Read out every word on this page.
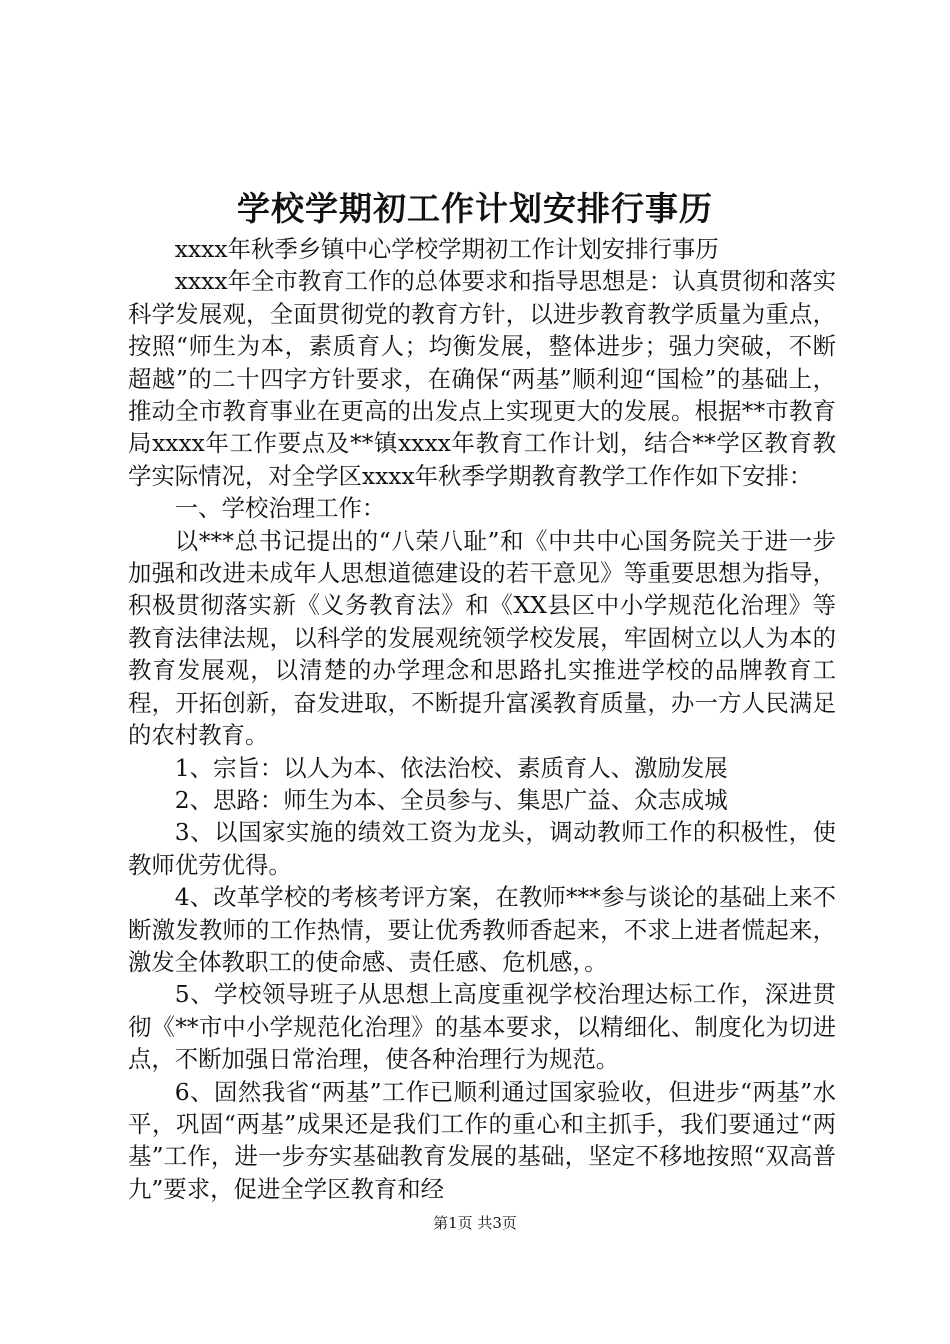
学校学期初工作计划安排行事历

xxxx年秋季乡镇中心学校学期初工作计划安排行事历

xxxx年全市教育工作的总体要求和指导思想是：认真贯彻和落实科学发展观，全面贯彻党的教育方针，以进步教育教学质量为重点，按照“师生为本，素质育人；均衡发展，整体进步；强力突破，不断超越”的二十四字方针要求，在确保“两基”顺利迎“国检”的基础上，推动全市教育事业在更高的出发点上实现更大的发展。根据**市教育局xxxx年工作要点及**镇xxxx年教育工作计划，结合**学区教育教学实际情况，对全学区xxxx年秋季学期教育教学工作作如下安排：

一、学校治理工作：

以***总书记提出的“八荣八耻”和《中共中心国务院关于进一步加强和改进未成年人思想道德建设的若干意见》等重要思想为指导，积极贯彻落实新《义务教育法》和《XX县区中小学规范化治理》等教育法律法规，以科学的发展观统领学校发展，牢固树立以人为本的教育发展观，以清楚的办学理念和思路扎实推进学校的品牌教育工程，开拓创新，奋发进取，不断提升富溪教育质量，办一方人民满足的农村教育。

1、宗旨：以人为本、依法治校、素质育人、激励发展

2、思路：师生为本、全员参与、集思广益、众志成城

3、以国家实施的绩效工资为龙头，调动教师工作的积极性，使教师优劳优得。

4、改革学校的考核考评方案，在教师***参与谈论的基础上来不断激发教师的工作热情，要让优秀教师香起来，不求上进者慌起来，激发全体教职工的使命感、责任感、危机感，。

5、学校领导班子从思想上高度重视学校治理达标工作，深进贯彻《**市中小学规范化治理》的基本要求，以精细化、制度化为切进点，不断加强日常治理，使各种治理行为规范。

6、固然我省“两基”工作已顺利通过国家验收，但进步“两基”水平，巩固“两基”成果还是我们工作的重心和主抓手，我们要通过“两基”工作，进一步夯实基础教育发展的基础，坚定不移地按照“双高普九”要求，促进全学区教育和经

第1页 共3页
